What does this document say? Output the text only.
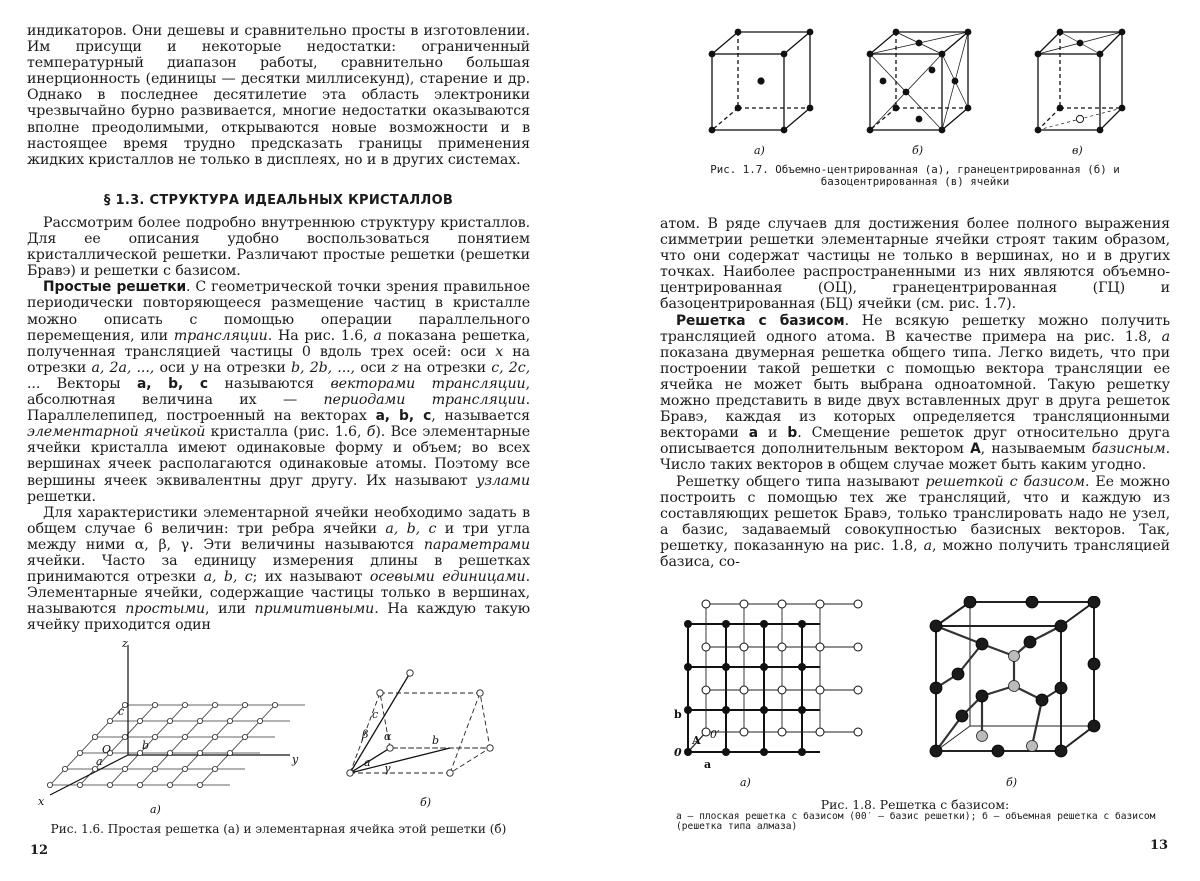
индикаторов. Они дешевы и сравнительно просты в изготовлении. Им присущи и некоторые недостатки: ограниченный температурный диапазон работы, сравнительно большая инерционность (единицы — десятки миллисекунд), старение и др. Однако в последнее десятилетие эта область электроники чрезвычайно бурно развивается, многие недостатки оказываются вполне преодолимыми, открываются новые возможности и в настоящее время трудно предсказать границы применения жидких кристаллов не только в дисплеях, но и в других системах.

§ 1.3. СТРУКТУРА ИДЕАЛЬНЫХ КРИСТАЛЛОВ

Рассмотрим более подробно внутреннюю структуру кристаллов. Для ее описания удобно воспользоваться понятием кристаллической решетки. Различают простые решетки (решетки Бравэ) и решетки с базисом.

Простые решетки. С геометрической точки зрения правильное периодически повторяющееся размещение частиц в кристалле можно описать с помощью операции параллельного перемещения, или трансляции. На рис. 1.6, а показана решетка, полученная трансляцией частицы 0 вдоль трех осей: оси x на отрезки a, 2a, ..., оси y на отрезки b, 2b, ..., оси z на отрезки c, 2c, ... Векторы a, b, c называются векторами трансляции, абсолютная величина их — периодами трансляции. Параллелепипед, построенный на векторах a, b, c, называется элементарной ячейкой кристалла (рис. 1.6, б). Все элементарные ячейки кристалла имеют одинаковые форму и объем; во всех вершинах ячеек располагаются одинаковые атомы. Поэтому все вершины ячеек эквивалентны друг другу. Их называют узлами решетки.

Для характеристики элементарной ячейки необходимо задать в общем случае 6 величин: три ребра ячейки a, b, c и три угла между ними α, β, γ. Эти величины называются параметрами ячейки. Часто за единицу измерения длины в решетках принимаются отрезки a, b, c; их называют осевыми единицами. Элементарные ячейки, содержащие частицы только в вершинах, называются простыми, или примитивными. На каждую такую ячейку приходится один

z
x
y
O
a
b
c
а)
c
b
a
α
β
γ
б)

Рис. 1.6. Простая решетка (а) и элементарная ячейка этой решетки (б)

12
а)	б)	в)

Рис. 1.7. Объемно-центрированная (а), гранецентрированная (б) и базоцентрированная (в) ячейки

атом. В ряде случаев для достижения более полного выражения симметрии решетки элементарные ячейки строят таким образом, что они содержат частицы не только в вершинах, но и в других точках. Наиболее распространенными из них являются объемно-центрированная (ОЦ), гранецентрированная (ГЦ) и базоцентрированная (БЦ) ячейки (см. рис. 1.7).

Решетка с базисом. Не всякую решетку можно получить трансляцией одного атома. В качестве примера на рис. 1.8, а показана двумерная решетка общего типа. Легко видеть, что при построении такой решетки с помощью вектора трансляции ее ячейка не может быть выбрана одноатомной. Такую решетку можно представить в виде двух вставленных друг в друга решеток Бравэ, каждая из которых определяется трансляционными векторами a и b. Смещение решеток друг относительно друга описывается дополнительным вектором A, называемым базисным. Число таких векторов в общем случае может быть каким угодно.

Решетку общего типа называют решеткой с базисом. Ее можно построить с помощью тех же трансляций, что и каждую из составляющих решеток Бравэ, только транслировать надо не узел, а базис, задаваемый совокупностью базисных векторов. Так, решетку, показанную на рис. 1.8, а, можно получить трансляцией базиса, со-

b
0
A 0′
a
а)	б)

Рис. 1.8. Решетка с базисом:

а — плоская решетка с базисом (00′ — базис решетки); б — объемная решетка с базисом (решетка типа алмаза)

13
